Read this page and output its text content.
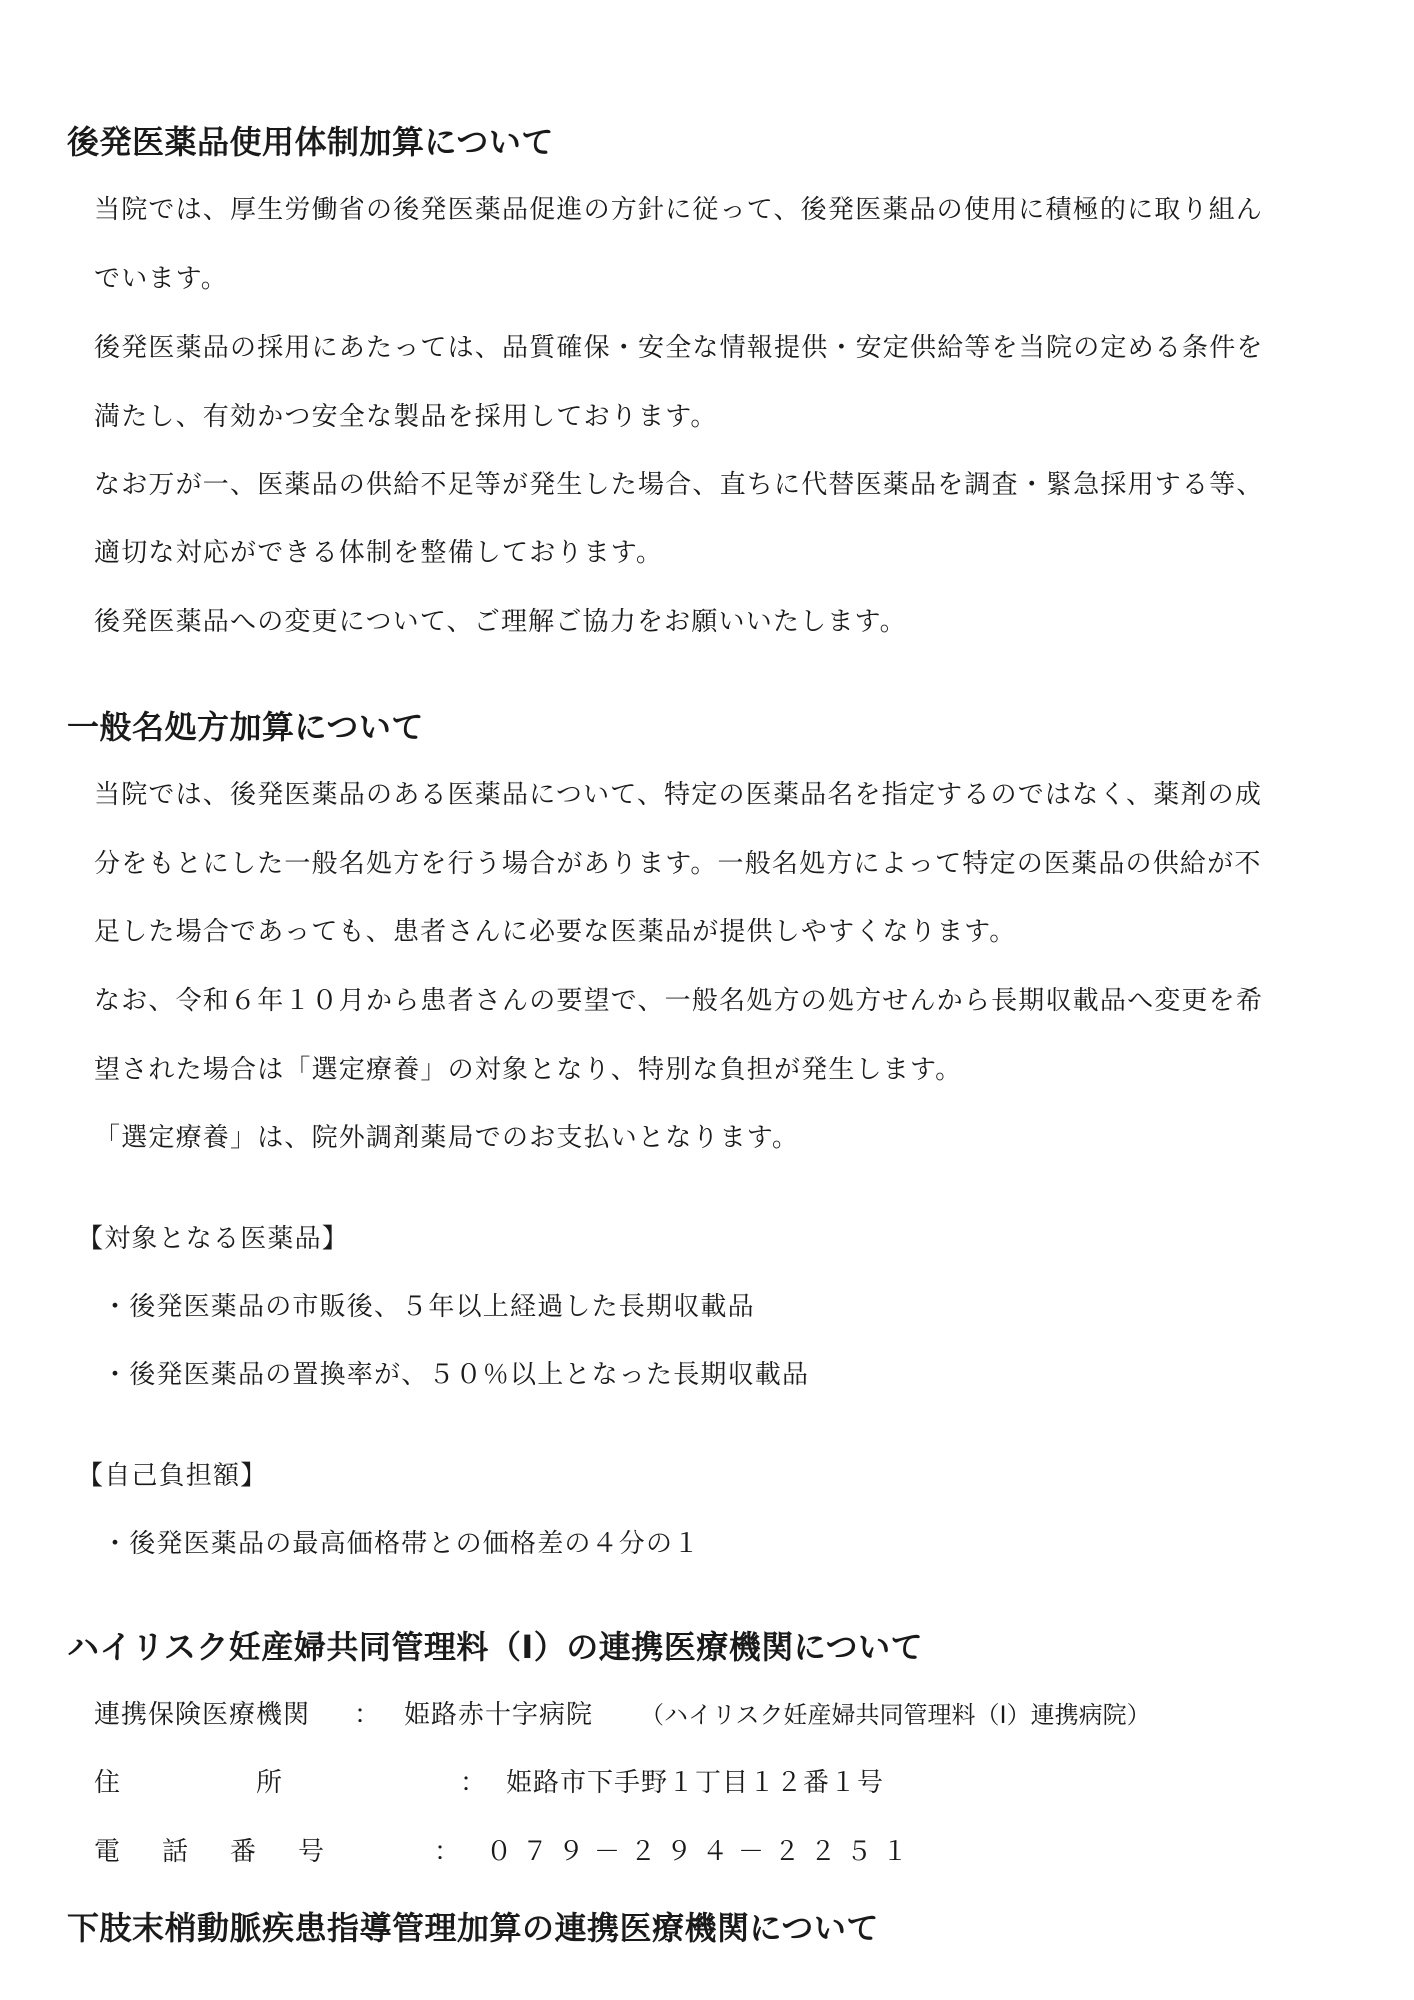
後発医薬品使用体制加算について
当院では、厚生労働省の後発医薬品促進の方針に従って、後発医薬品の使用に積極的に取り組ん
でいます。
後発医薬品の採用にあたっては、品質確保・安全な情報提供・安定供給等を当院の定める条件を
満たし、有効かつ安全な製品を採用しております。
なお万が一、医薬品の供給不足等が発生した場合、直ちに代替医薬品を調査・緊急採用する等、
適切な対応ができる体制を整備しております。
後発医薬品への変更について、ご理解ご協力をお願いいたします。
一般名処方加算について
当院では、後発医薬品のある医薬品について、特定の医薬品名を指定するのではなく、薬剤の成
分をもとにした一般名処方を行う場合があります。一般名処方によって特定の医薬品の供給が不
足した場合であっても、患者さんに必要な医薬品が提供しやすくなります。
なお、令和６年１０月から患者さんの要望で、一般名処方の処方せんから長期収載品へ変更を希
望された場合は「選定療養」の対象となり、特別な負担が発生します。
「選定療養」は、院外調剤薬局でのお支払いとなります。
【対象となる医薬品】
・後発医薬品の市販後、５年以上経過した長期収載品
・後発医薬品の置換率が、５０％以上となった長期収載品
【自己負担額】
・後発医薬品の最高価格帯との価格差の４分の１
ハイリスク妊産婦共同管理料（Ⅰ）の連携医療機関について
連携保険医療機関 ： 姫路赤十字病院 （ハイリスク妊産婦共同管理料（Ⅰ）連携病院）
住　　　　　所	： 姫路市下手野１丁目１２番１号
電　話　番　号	： ０７９－２９４－２２５１
下肢末梢動脈疾患指導管理加算の連携医療機関について
